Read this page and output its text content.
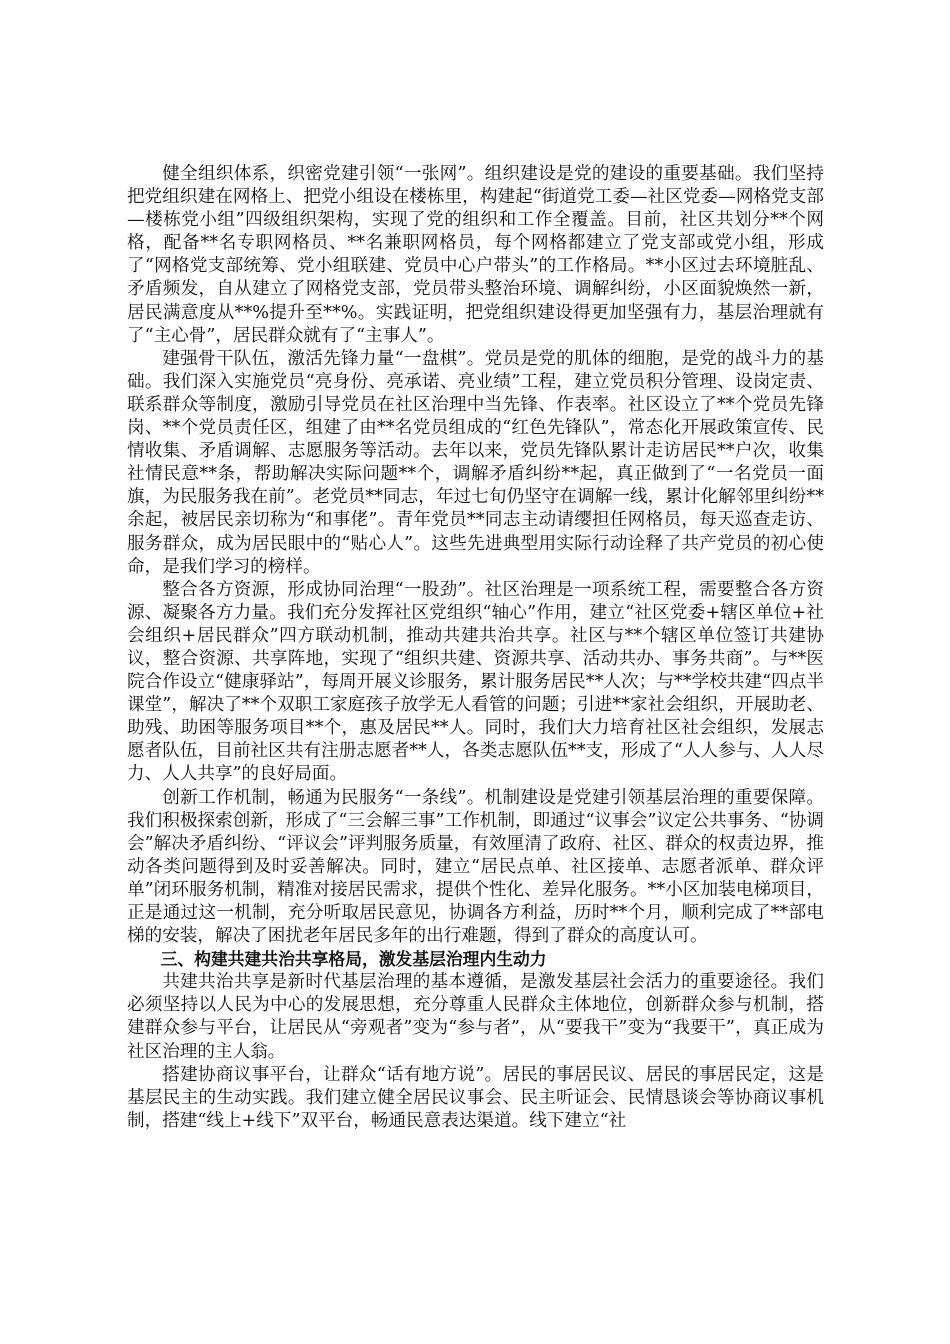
健全组织体系，织密党建引领“一张网”。组织建设是党的建设的重要基础。我们坚持把党组织建在网格上、把党小组设在楼栋里，构建起“街道党工委—社区党委—网格党支部—楼栋党小组”四级组织架构，实现了党的组织和工作全覆盖。目前，社区共划分**个网格，配备**名专职网格员、**名兼职网格员，每个网格都建立了党支部或党小组，形成了“网格党支部统筹、党小组联建、党员中心户带头”的工作格局。**小区过去环境脏乱、矛盾频发，自从建立了网格党支部，党员带头整治环境、调解纠纷，小区面貌焕然一新，居民满意度从**%提升至**%。实践证明，把党组织建设得更加坚强有力，基层治理就有了“主心骨”，居民群众就有了“主事人”。

建强骨干队伍，激活先锋力量“一盘棋”。党员是党的肌体的细胞，是党的战斗力的基础。我们深入实施党员“亮身份、亮承诺、亮业绩”工程，建立党员积分管理、设岗定责、联系群众等制度，激励引导党员在社区治理中当先锋、作表率。社区设立了**个党员先锋岗、**个党员责任区，组建了由**名党员组成的“红色先锋队”，常态化开展政策宣传、民情收集、矛盾调解、志愿服务等活动。去年以来，党员先锋队累计走访居民**户次，收集社情民意**条，帮助解决实际问题**个，调解矛盾纠纷**起，真正做到了“一名党员一面旗，为民服务我在前”。老党员**同志，年过七旬仍坚守在调解一线，累计化解邻里纠纷**余起，被居民亲切称为“和事佬”。青年党员**同志主动请缨担任网格员，每天巡查走访、服务群众，成为居民眼中的“贴心人”。这些先进典型用实际行动诠释了共产党员的初心使命，是我们学习的榜样。

整合各方资源，形成协同治理“一股劲”。社区治理是一项系统工程，需要整合各方资源、凝聚各方力量。我们充分发挥社区党组织“轴心”作用，建立“社区党委+辖区单位+社会组织+居民群众”四方联动机制，推动共建共治共享。社区与**个辖区单位签订共建协议，整合资源、共享阵地，实现了“组织共建、资源共享、活动共办、事务共商”。与**医院合作设立“健康驿站”，每周开展义诊服务，累计服务居民**人次；与**学校共建“四点半课堂”，解决了**个双职工家庭孩子放学无人看管的问题；引进**家社会组织，开展助老、助残、助困等服务项目**个，惠及居民**人。同时，我们大力培育社区社会组织，发展志愿者队伍，目前社区共有注册志愿者**人，各类志愿队伍**支，形成了“人人参与、人人尽力、人人共享”的良好局面。

创新工作机制，畅通为民服务“一条线”。机制建设是党建引领基层治理的重要保障。我们积极探索创新，形成了“三会解三事”工作机制，即通过“议事会”议定公共事务、“协调会”解决矛盾纠纷、“评议会”评判服务质量，有效厘清了政府、社区、群众的权责边界，推动各类问题得到及时妥善解决。同时，建立“居民点单、社区接单、志愿者派单、群众评单”闭环服务机制，精准对接居民需求，提供个性化、差异化服务。**小区加装电梯项目，正是通过这一机制，充分听取居民意见，协调各方利益，历时**个月，顺利完成了**部电梯的安装，解决了困扰老年居民多年的出行难题，得到了群众的高度认可。

三、构建共建共治共享格局，激发基层治理内生动力

共建共治共享是新时代基层治理的基本遵循，是激发基层社会活力的重要途径。我们必须坚持以人民为中心的发展思想，充分尊重人民群众主体地位，创新群众参与机制，搭建群众参与平台，让居民从“旁观者”变为“参与者”，从“要我干”变为“我要干”，真正成为社区治理的主人翁。

搭建协商议事平台，让群众“话有地方说”。居民的事居民议、居民的事居民定，这是基层民主的生动实践。我们建立健全居民议事会、民主听证会、民情恳谈会等协商议事机制，搭建“线上+线下”双平台，畅通民意表达渠道。线下建立“社
